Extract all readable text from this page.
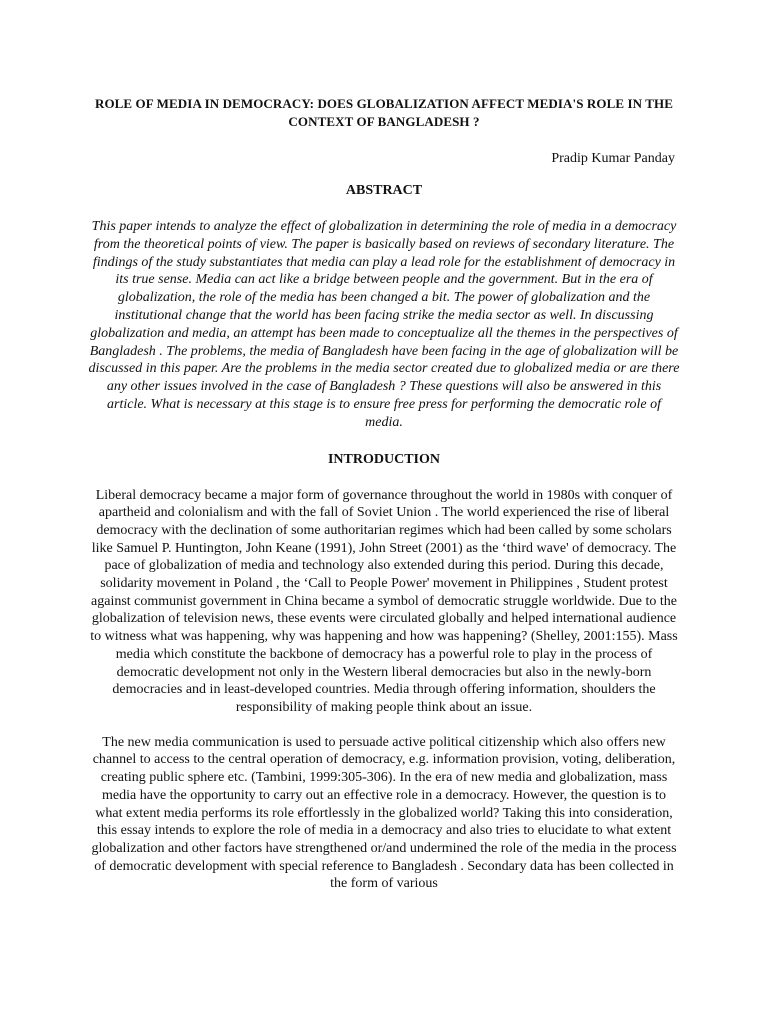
ROLE OF MEDIA IN DEMOCRACY: DOES GLOBALIZATION AFFECT MEDIA'S ROLE IN THE CONTEXT OF BANGLADESH ?
Pradip Kumar Panday
ABSTRACT

This paper intends to analyze the effect of globalization in determining the role of media in a democracy from the theoretical points of view. The paper is basically based on reviews of secondary literature. The findings of the study substantiates that media can play a lead role for the establishment of democracy in its true sense. Media can act like a bridge between people and the government. But in the era of globalization, the role of the media has been changed a bit. The power of globalization and the institutional change that the world has been facing strike the media sector as well. In discussing globalization and media, an attempt has been made to conceptualize all the themes in the perspectives of Bangladesh . The problems, the media of Bangladesh have been facing in the age of globalization will be discussed in this paper. Are the problems in the media sector created due to globalized media or are there any other issues involved in the case of Bangladesh ? These questions will also be answered in this article. What is necessary at this stage is to ensure free press for performing the democratic role of media.

INTRODUCTION

Liberal democracy became a major form of governance throughout the world in 1980s with conquer of apartheid and colonialism and with the fall of Soviet Union . The world experienced the rise of liberal democracy with the declination of some authoritarian regimes which had been called by some scholars like Samuel P. Huntington, John Keane (1991), John Street (2001) as the ‘third wave' of democracy. The pace of globalization of media and technology also extended during this period. During this decade, solidarity movement in Poland , the ‘Call to People Power' movement in Philippines , Student protest against communist government in China became a symbol of democratic struggle worldwide. Due to the globalization of television news, these events were circulated globally and helped international audience to witness what was happening, why was happening and how was happening? (Shelley, 2001:155). Mass media which constitute the backbone of democracy has a powerful role to play in the process of democratic development not only in the Western liberal democracies but also in the newly-born democracies and in least-developed countries. Media through offering information, shoulders the responsibility of making people think about an issue.

The new media communication is used to persuade active political citizenship which also offers new channel to access to the central operation of democracy, e.g. information provision, voting, deliberation, creating public sphere etc. (Tambini, 1999:305-306). In the era of new media and globalization, mass media have the opportunity to carry out an effective role in a democracy. However, the question is to what extent media performs its role effortlessly in the globalized world? Taking this into consideration, this essay intends to explore the role of media in a democracy and also tries to elucidate to what extent globalization and other factors have strengthened or/and undermined the role of the media in the process of democratic development with special reference to Bangladesh . Secondary data has been collected in the form of various
